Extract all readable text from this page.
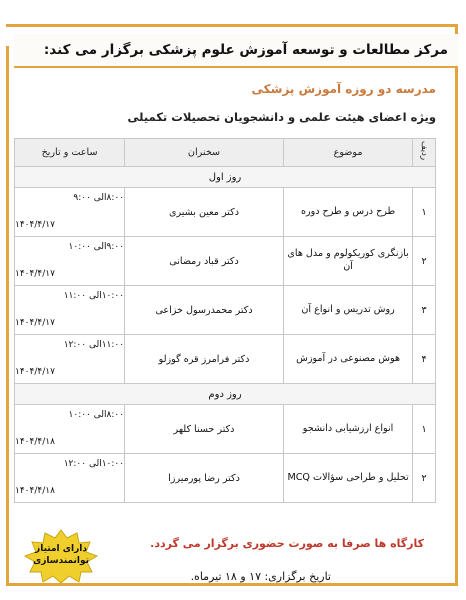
مرکز مطالعات و توسعه آموزش علوم پزشکی برگزار می کند:
مدرسه دو روزه آموزش پزشکی
ویژه اعضای هیئت علمی و دانشجویان تحصیلات تکمیلی
ردیف	موضوع	سخنران	ساعت و تاریخ
روز اول			
۱	طرح درس و طرح دوره	دکتر معین بشیری	۸:۰۰الی ۹:۰۰
۱۴۰۴/۴/۱۷

۲	بازنگری کوریکولوم و مدل های آن	دکتر قباد رمضانی	۹:۰۰الی ۱۰:۰۰
۱۴۰۴/۴/۱۷

۳	روش تدریس و انواع آن	دکتر محمدرسول خزاعی	۱۰:۰۰الی ۱۱:۰۰
۱۴۰۴/۴/۱۷

۴	هوش مصنوعی در آموزش	دکتر فرامرز قره گوزلو	۱۱:۰۰الی ۱۲:۰۰
۱۴۰۴/۴/۱۷

روز دوم			
۱	انواع ارزشیابی دانشجو	دکتر حسنا کلهر	۸:۰۰الی ۱۰:۰۰
۱۴۰۴/۴/۱۸

۲	تحلیل و طراحی سؤالات MCQ	دکتر رضا پورمیرزا	۱۰:۰۰الی ۱۲:۰۰
۱۴۰۴/۴/۱۸
کارگاه ها صرفا به صورت حضوری برگزار می گردد.
تاریخ برگزاری: ۱۷ و ۱۸ تیرماه.
دارای امتیاز
توانمندسازی
